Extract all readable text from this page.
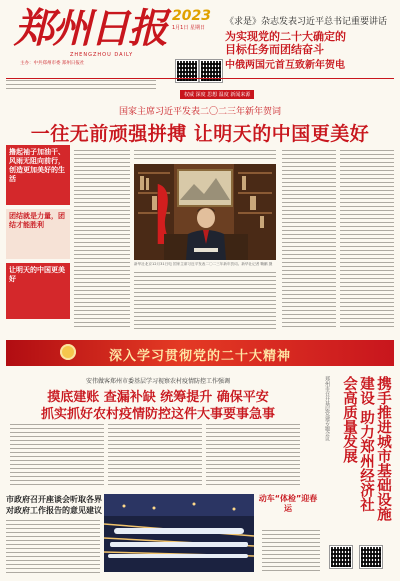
郑州日报
ZHENGZHOU DAILY
主办：中共郑州市委 郑州日报社
2023
1月1日 星期日
《求是》杂志发表习近平总书记重要讲话
为实现党的二十大确定的
目标任务而团结奋斗
中俄两国元首互致新年贺电
权威 深度 思想 温度 新闻来源
国家主席习近平发表二〇二三年新年贺词
一往无前顽强拼搏 让明天的中国更美好
撸起袖子加油干、风雨无阻向前行，创造更加美好的生活
团结就是力量，团结才能胜利
让明天的中国更美好
新华社北京12月31日电 国家主席习近平发表二〇二三年新年贺词。新华社记者 鞠鹏 摄
深入学习贯彻党的二十大精神
安伟做客郑州市委基层学习视察农村疫情防控工作强调
摸底建账 查漏补缺 统筹提升 确保平安
抓实抓好农村疫情防控这件大事要事急事	郑州市召开基层党建专题会议	携手推进城市基础设施建设 助力郑州经济社会高质量发展
市政府召开座谈会听取各界对政府工作报告的意见建议
动车“体检”迎春运
